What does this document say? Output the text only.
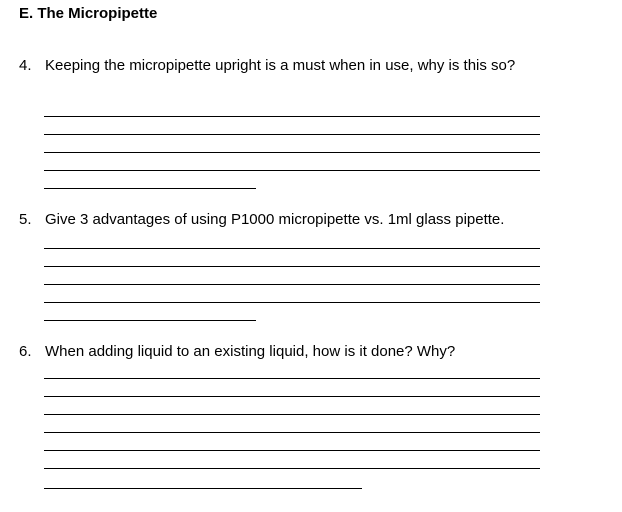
E. The Micropipette
4. Keeping the micropipette upright is a must when in use, why is this so?
5. Give 3 advantages of using P1000 micropipette vs. 1ml glass pipette.
6. When adding liquid to an existing liquid, how is it done? Why?
